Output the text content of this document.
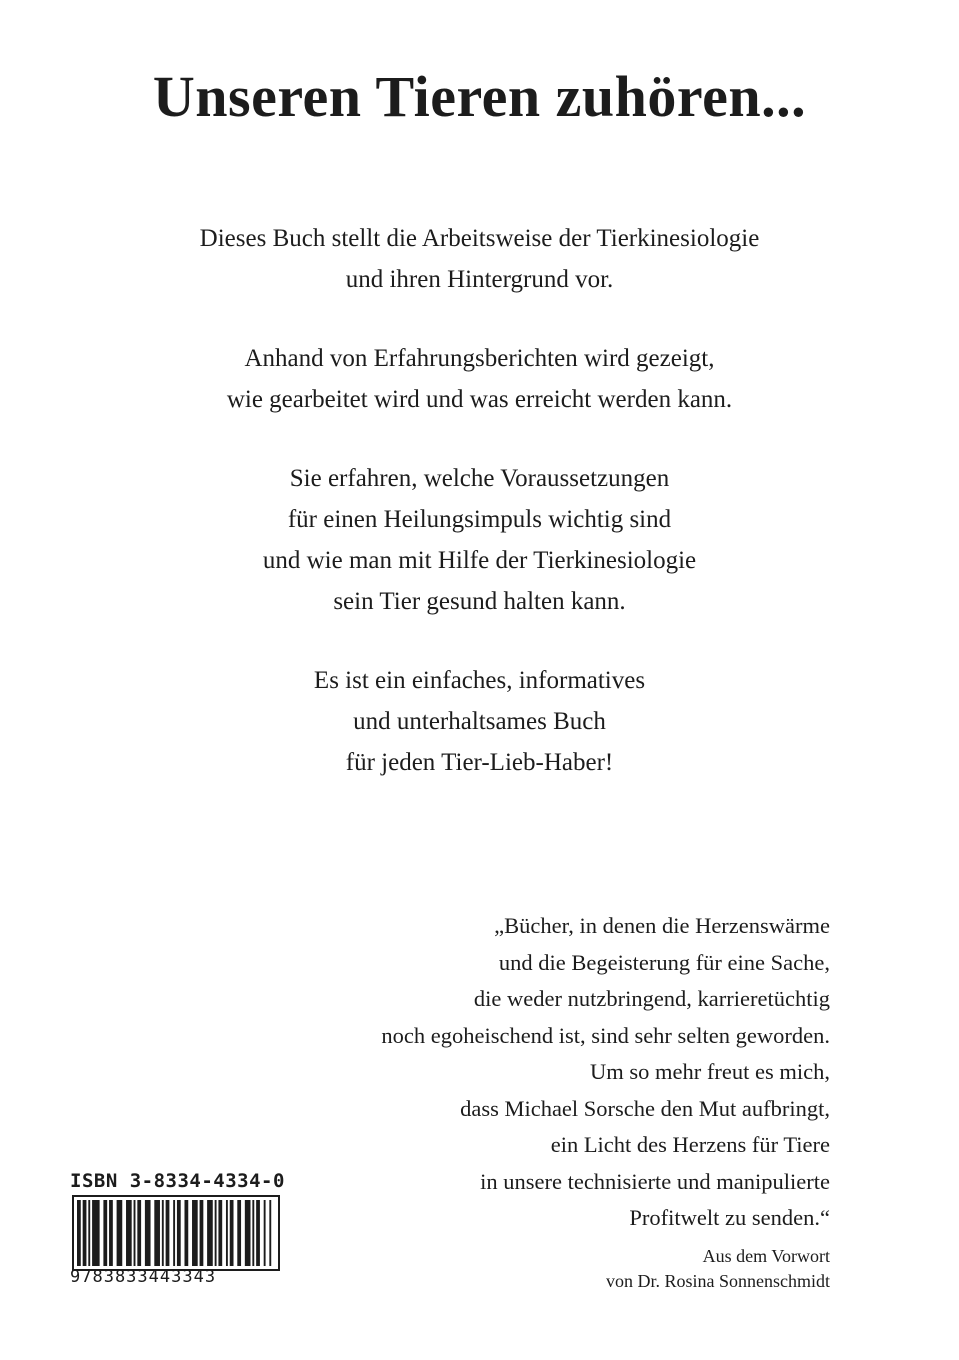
Unseren Tieren zuhören...

Dieses Buch stellt die Arbeitsweise der Tierkinesiologie
und ihren Hintergrund vor.

Anhand von Erfahrungsberichten wird gezeigt,
wie gearbeitet wird und was erreicht werden kann.

Sie erfahren, welche Voraussetzungen
für einen Heilungsimpuls wichtig sind
und wie man mit Hilfe der Tierkinesiologie
sein Tier gesund halten kann.

Es ist ein einfaches, informatives
und unterhaltsames Buch
für jeden Tier-Lieb-Haber!

„Bücher, in denen die Herzenswärme
und die Begeisterung für eine Sache,
die weder nutzbringend, karrieretüchtig
noch egoheischend ist, sind sehr selten geworden.
Um so mehr freut es mich,
dass Michael Sorsche den Mut aufbringt,
ein Licht des Herzens für Tiere
in unsere technisierte und manipulierte
Profitwelt zu senden.“
Aus dem Vorwort
von Dr. Rosina Sonnenschmidt
ISBN 3-8334-4334-0
9783833443343
